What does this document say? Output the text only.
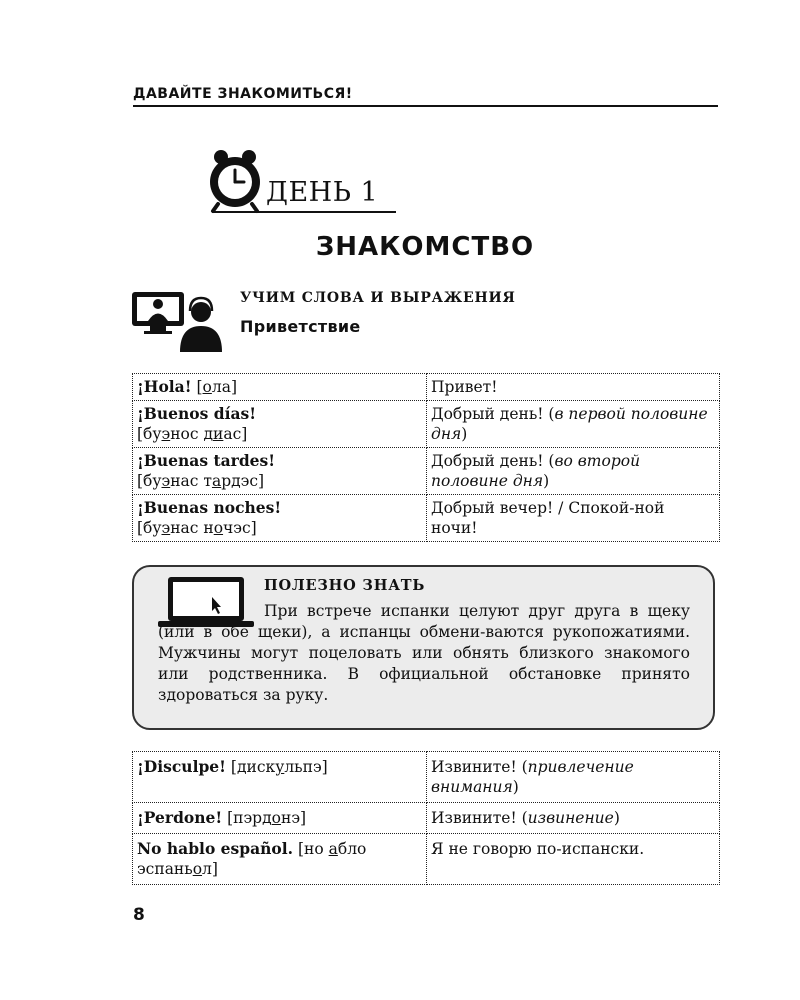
ДАВАЙТЕ ЗНАКОМИТЬСЯ!
ДЕНЬ 1
ЗНАКОМСТВО
УЧИМ СЛОВА И ВЫРАЖЕНИЯ
Приветствие
¡Hola! [ола]	Привет!
¡Buenos días!
[буэнос диас]	Добрый день! (в первой половине дня)
¡Buenas tardes!
[буэнас тардэс]	Добрый день! (во второй половине дня)
¡Buenas noches!
[буэнас ночэс]	Добрый вечер! / Спокой-ной ночи!
ПОЛЕЗНО ЗНАТЬ
При встрече испанки целуют друг друга в щеку (или в обе щеки), а испанцы обмени-ваются рукопожатиями. Мужчины могут поцеловать или обнять близкого знакомого или родственника. В официальной обстановке принято здороваться за руку.
¡Disculpe! [дискульпэ]	Извините! (привлечение внимания)
¡Perdone! [пэрдонэ]	Извините! (извинение)
No hablo español. [но абло эспаньол]	Я не говорю по-испански.
8
